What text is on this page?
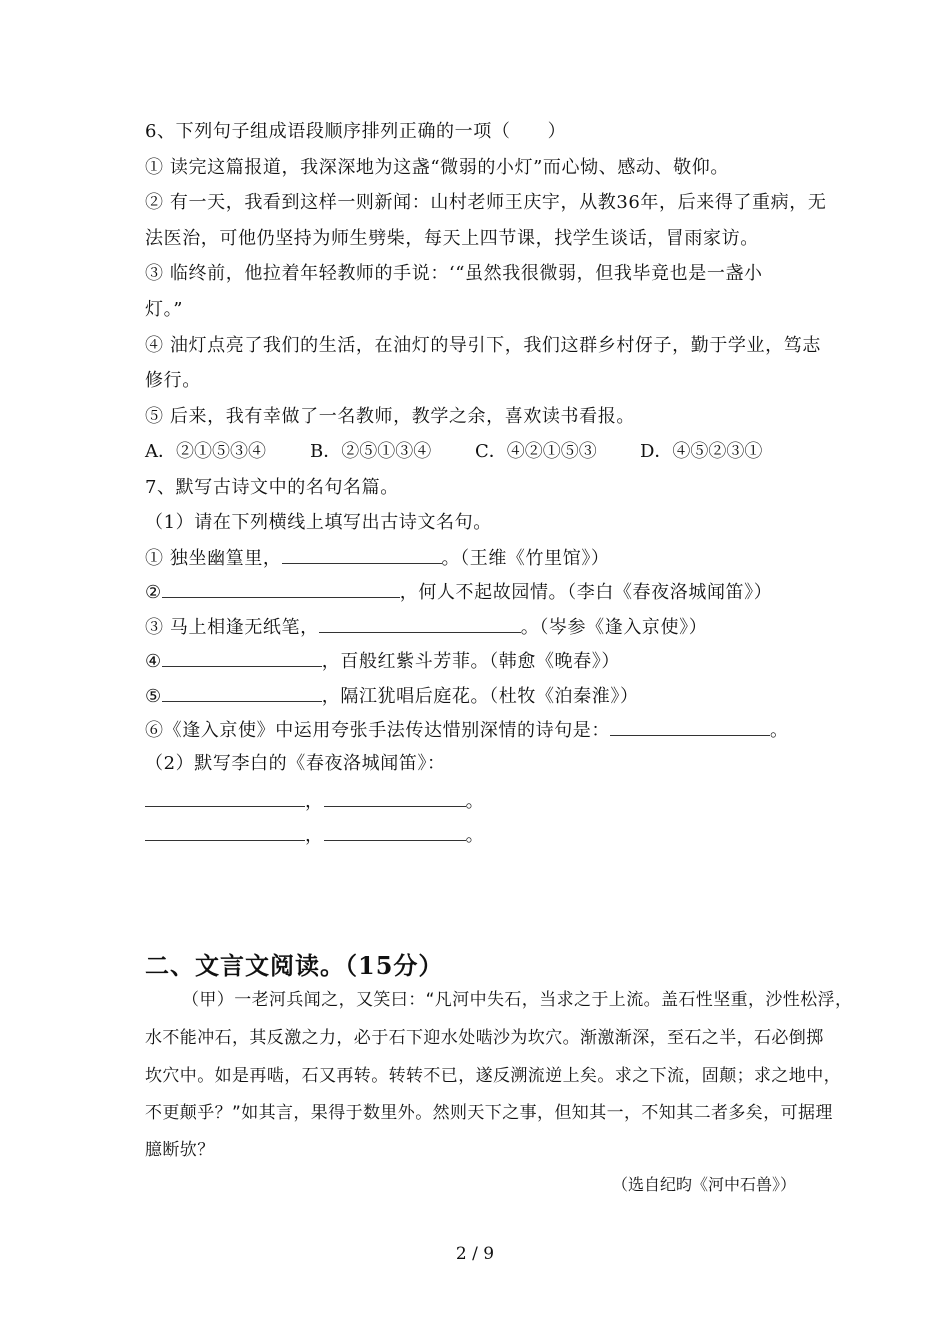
6、下列句子组成语段顺序排列正确的一项（　　）
① 读完这篇报道，我深深地为这盏“微弱的小灯”而心恸、感动、敬仰。
② 有一天，我看到这样一则新闻：山村老师王庆宇，从教36年，后来得了重病，无
法医治，可他仍坚持为师生劈柴，每天上四节课，找学生谈话，冒雨家访。
③ 临终前，他拉着年轻教师的手说：‘“虽然我很微弱，但我毕竟也是一盏小
灯。”
④ 油灯点亮了我们的生活，在油灯的导引下，我们这群乡村伢子，勤于学业，笃志
修行。
⑤ 后来，我有幸做了一名教师，教学之余，喜欢读书看报。
A．②①⑤③④ B．②⑤①③④ C．④②①⑤③ D．④⑤②③①
7、默写古诗文中的名句名篇。
（1）请在下列横线上填写出古诗文名句。
① 独坐幽篁里，	。（王维《竹里馆》）
②	，何人不起故园情。（李白《春夜洛城闻笛》）
③ 马上相逢无纸笔，	。（岑参《逢入京使》）
④	，百般红紫斗芳菲。（韩愈《晚春》）
⑤	，隔江犹唱后庭花。（杜牧《泊秦淮》）
⑥《逢入京使》中运用夸张手法传达惜别深情的诗句是：	。
（2）默写李白的《春夜洛城闻笛》：
，	。
，	。
二、文言文阅读。（15分）
（甲）一老河兵闻之，又笑曰：“凡河中失石，当求之于上流。盖石性坚重，沙性松浮，
水不能冲石，其反激之力，必于石下迎水处啮沙为坎穴。渐激渐深，至石之半，石必倒掷
坎穴中。如是再啮，石又再转。转转不已，遂反溯流逆上矣。求之下流，固颠；求之地中，
不更颠乎？”如其言，果得于数里外。然则天下之事，但知其一，不知其二者多矣，可据理
臆断欤？
（选自纪昀《河中石兽》）
2 / 9
